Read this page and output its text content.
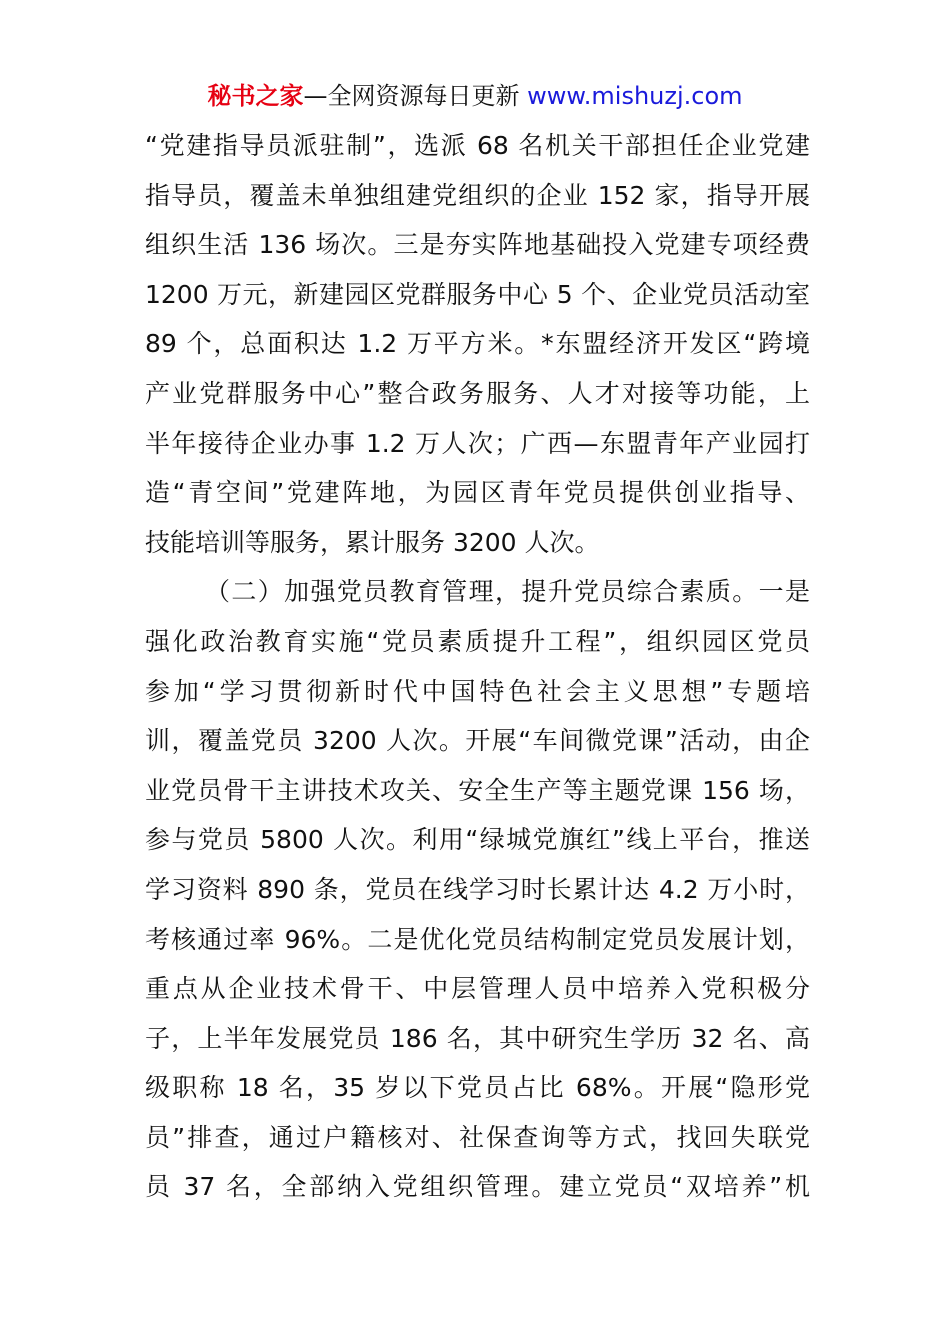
秘书之家—全网资源每日更新 www.mishuzj.com
“党建指导员派驻制”，选派 68 名机关干部担任企业党建
指导员，覆盖未单独组建党组织的企业 152 家，指导开展
组织生活 136 场次。三是夯实阵地基础投入党建专项经费
1200 万元，新建园区党群服务中心 5 个、企业党员活动室
89 个，总面积达 1.2 万平方米。*东盟经济开发区“跨境
产业党群服务中心”整合政务服务、人才对接等功能，上
半年接待企业办事 1.2 万人次；广西—东盟青年产业园打
造“青空间”党建阵地，为园区青年党员提供创业指导、
技能培训等服务，累计服务 3200 人次。
（二）加强党员教育管理，提升党员综合素质。一是
强化政治教育实施“党员素质提升工程”，组织园区党员
参加“学习贯彻新时代中国特色社会主义思想”专题培
训，覆盖党员 3200 人次。开展“车间微党课”活动，由企
业党员骨干主讲技术攻关、安全生产等主题党课 156 场，
参与党员 5800 人次。利用“绿城党旗红”线上平台，推送
学习资料 890 条，党员在线学习时长累计达 4.2 万小时，
考核通过率 96%。二是优化党员结构制定党员发展计划，
重点从企业技术骨干、中层管理人员中培养入党积极分
子，上半年发展党员 186 名，其中研究生学历 32 名、高
级职称 18 名，35 岁以下党员占比 68%。开展“隐形党
员”排查，通过户籍核对、社保查询等方式，找回失联党
员 37 名，全部纳入党组织管理。建立党员“双培养”机
